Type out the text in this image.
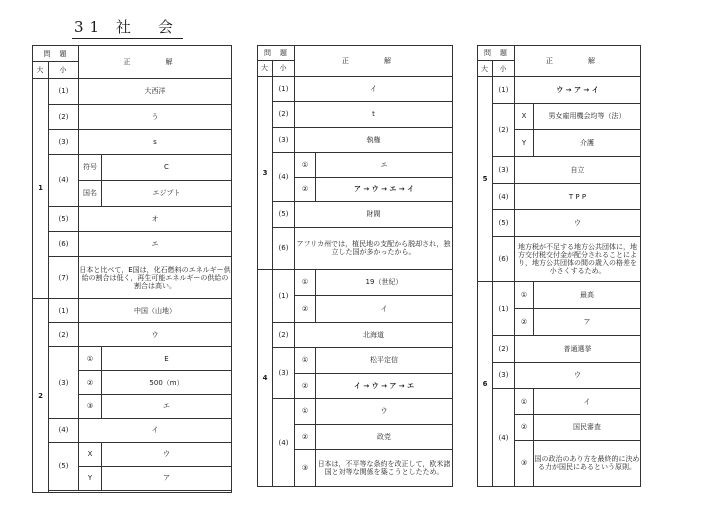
31 社　会
問　題		正　解	
大	小		
1	(1)	大西洋	
	(2)	う	
	(3)	s	
	(4)	符号	C
		国名	エジプト
	(5)	オ	
	(6)	エ	
	(7)	日本と比べて，E国は，化石燃料のエネルギー供給の割合は低く，再生可能エネルギーの供給の割合は高い。	
2	(1)	中国（山地）	
	(2)	ウ	
	(3)	①	E
		②	500（m）
		③	エ
	(4)	イ	
	(5)	X	ウ
		Y	ア

問　題		正　解	
大	小		
3	(1)	イ	
	(2)	t	
	(3)	執権	
	(4)	①	エ
		②	ア → ウ → エ → イ
	(5)	財閥	
	(6)	アフリカ州では，植民地の支配から脱却され，独立した国が多かったから。	
4	(1)	①	19（世紀）
		②	イ
	(2)	北海道	
	(3)	①	松平定信
		②	イ → ウ → ア → エ
	(4)	①	ウ
		②	政党
		③	日本は，不平等な条約を改正して，欧米諸国と対等な関係を築こうとしたため。
問　題		正　解	
大	小		
5	(1)	ウ → ア → イ	
	(2)	X	男女雇用機会均等（法）
		Y	介護
	(3)	自立	
	(4)	T P P	
	(5)	ウ	
	(6)	地方税が不足する地方公共団体に，地方交付税交付金が配分されることにより，地方公共団体の間の歳入の格差を小さくするため。	
6	(1)	①	最高
		②	ア
	(2)	普通選挙	
	(3)	ウ	
	(4)	①	イ
		②	国民審査
		③	国の政治のあり方を最終的に決める力が国民にあるという原則。
